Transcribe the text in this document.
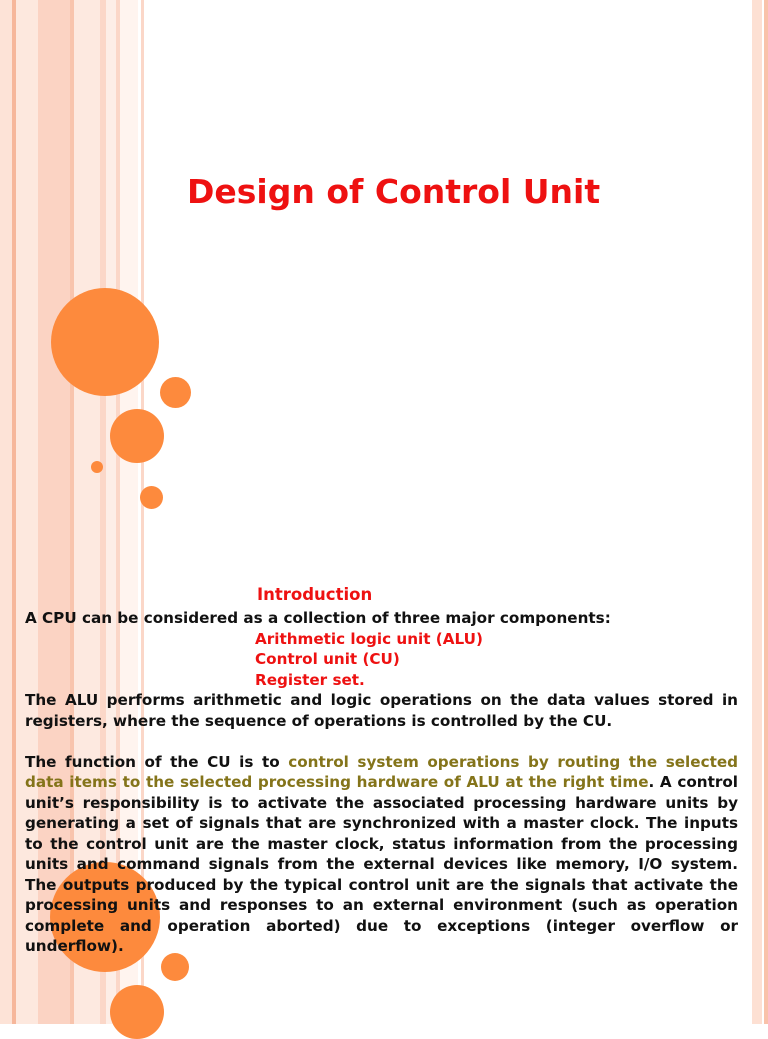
Design of Control Unit
Introduction
A CPU can be considered as a collection of three major components:
Arithmetic logic unit (ALU)
Control unit (CU)
Register set.
The ALU performs arithmetic and logic operations on the data values stored in registers, where the sequence of operations is controlled by the CU.
The function of the CU is to control system operations by routing the selected data items to the selected processing hardware of ALU at the right time. A control unit’s responsibility is to activate the associated processing hardware units by generating a set of signals that are synchronized with a master clock. The inputs to the control unit are the master clock, status information from the processing units and command signals from the external devices like memory, I/O system. The outputs produced by the typical control unit are the signals that activate the processing units and responses to an external environment (such as operation complete and operation aborted) due to exceptions (integer overflow or underflow).
